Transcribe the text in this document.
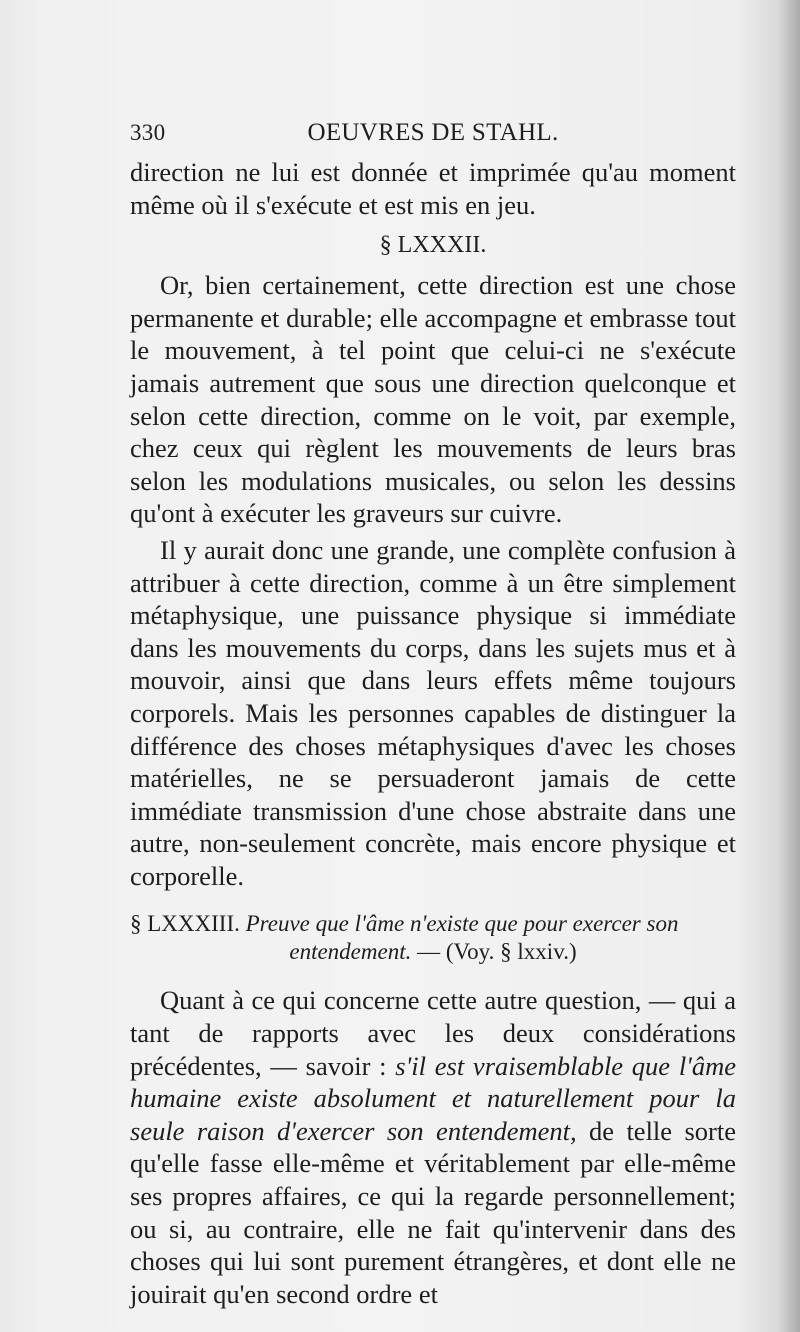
330	OEUVRES DE STAHL.

direction ne lui est donnée et imprimée qu'au moment même où il s'exécute et est mis en jeu.

§ LXXXII.

Or, bien certainement, cette direction est une chose permanente et durable; elle accompagne et embrasse tout le mouvement, à tel point que celui-ci ne s'exécute jamais autrement que sous une direction quelconque et selon cette direction, comme on le voit, par exemple, chez ceux qui règlent les mouvements de leurs bras selon les modulations musicales, ou selon les dessins qu'ont à exécuter les graveurs sur cuivre.

Il y aurait donc une grande, une complète confusion à attribuer à cette direction, comme à un être simplement métaphysique, une puissance physique si immédiate dans les mouvements du corps, dans les sujets mus et à mouvoir, ainsi que dans leurs effets même toujours corporels. Mais les personnes capables de distinguer la différence des choses métaphysiques d'avec les choses matérielles, ne se persuaderont jamais de cette immédiate transmission d'une chose abstraite dans une autre, non-seulement concrète, mais encore physique et corporelle.

§ LXXXIII. Preuve que l'âme n'existe que pour exercer son
entendement. — (Voy. § lxxiv.)

Quant à ce qui concerne cette autre question, — qui a tant de rapports avec les deux considérations précédentes, — savoir : s'il est vraisemblable que l'âme humaine existe absolument et naturellement pour la seule raison d'exercer son entendement, de telle sorte qu'elle fasse elle-même et véritablement par elle-même ses propres affaires, ce qui la regarde personnellement; ou si, au contraire, elle ne fait qu'intervenir dans des choses qui lui sont purement étrangères, et dont elle ne jouirait qu'en second ordre et
